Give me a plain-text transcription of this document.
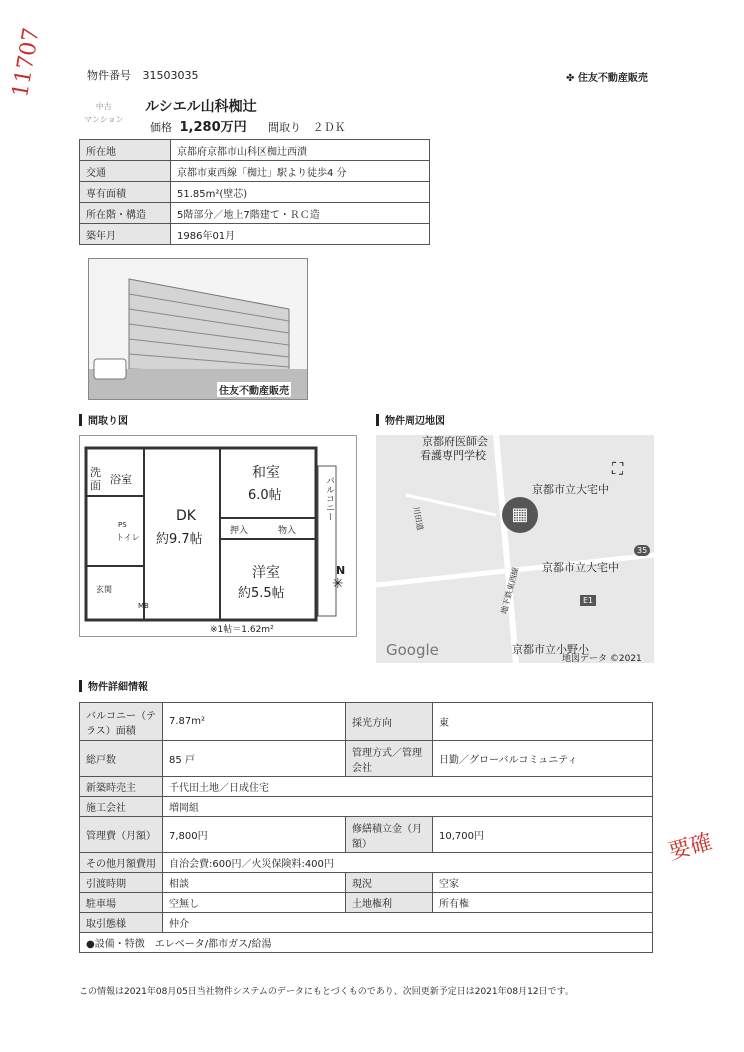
11707
要確
物件番号 31503035	✤ 住友不動産販売
中古
マンション
ルシエル山科椥辻
価格 1,280万円 間取り ２ＤＫ
所在地	京都府京都市山科区椥辻西潰
交通	京都市東西線「椥辻」駅より徒歩4 分
専有面積	51.85m²(壁芯)
所在階・構造	5階部分／地上7階建て・ＲＣ造
築年月	1986年01月
住友不動産販売
間取り図
洗面 浴室
PS
トイレ
玄関
MB
DK
約9.7帖
和室
6.0帖
押入	物入
洋室
約5.5帖
バルコニー
N
✳
※1帖＝1.62m²
物件周辺地図
京都府医師会
看護専門学校
京都市立大宅中
京都市立大宅中
川田道
地下鉄東西線
京都市立小野小
35
E1
▦
⛶
Google	地図データ ©2021
物件詳細情報
バルコニー（テラス）面積	7.87m²	採光方向	東
総戸数	85 戸	管理方式／管理会社	日勤／グローバルコミュニティ
新築時売主	千代田土地／日成住宅		
施工会社	増岡組		
管理費（月額）	7,800円	修繕積立金（月額）	10,700円
その他月額費用	自治会費:600円／火災保険料:400円		
引渡時期	相談	現況	空家
駐車場	空無し	土地権利	所有権
取引態様	仲介		
●設備・特徴　エレベータ/都市ガス/給湯			
この情報は2021年08月05日当社物件システムのデータにもとづくものであり、次回更新予定日は2021年08月12日です。
